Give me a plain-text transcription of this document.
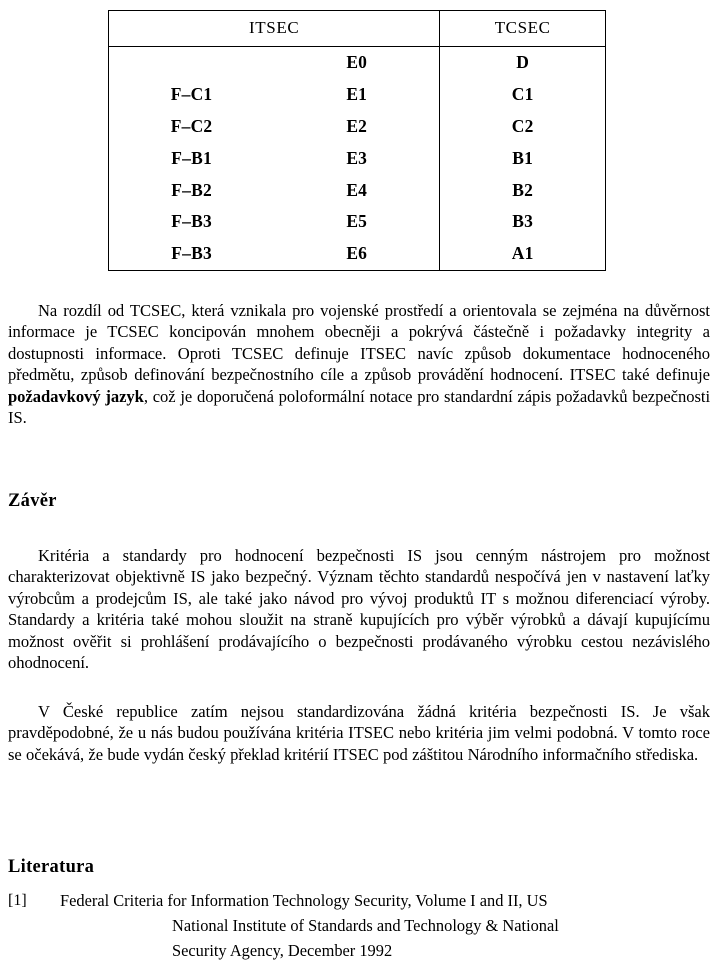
ITSEC		TCSEC
	E0	D
F–C1	E1	C1
F–C2	E2	C2
F–B1	E3	B1
F–B2	E4	B2
F–B3	E5	B3
F–B3	E6	A1

Na rozdíl od TCSEC, která vznikala pro vojenské prostředí a orientovala se zejména na důvěrnost informace je TCSEC koncipován mnohem obecněji a pokrývá částečně i požadavky integrity a dostupnosti informace. Oproti TCSEC definuje ITSEC navíc způsob dokumentace hodnoceného předmětu, způsob definování bezpečnostního cíle a způsob provádění hodnocení. ITSEC také definuje požadavkový jazyk, což je doporučená poloformální notace pro standardní zápis požadavků bezpečnosti IS.

Závěr

Kritéria a standardy pro hodnocení bezpečnosti IS jsou cenným nástrojem pro možnost charakterizovat objektivně IS jako bezpečný. Význam těchto standardů nespočívá jen v nastavení laťky výrobcům a prodejcům IS, ale také jako návod pro vývoj produktů IT s možnou diferenciací výroby. Standardy a kritéria také mohou sloužit na straně kupujících pro výběr výrobků a dávají kupujícímu možnost ověřit si prohlášení prodávajícího o bezpečnosti prodávaného výrobku cestou nezávislého ohodnocení.

V České republice zatím nejsou standardizována žádná kritéria bezpečnosti IS. Je však pravděpodobné, že u nás budou používána kritéria ITSEC nebo kritéria jim velmi podobná. V tomto roce se očekává, že bude vydán český překlad kritérií ITSEC pod záštitou Národního informačního střediska.

Literatura
[1]	Federal Criteria for Information Technology Security, Volume I and II, US
National Institute of Standards and Technology & National
Security Agency, December 1992
